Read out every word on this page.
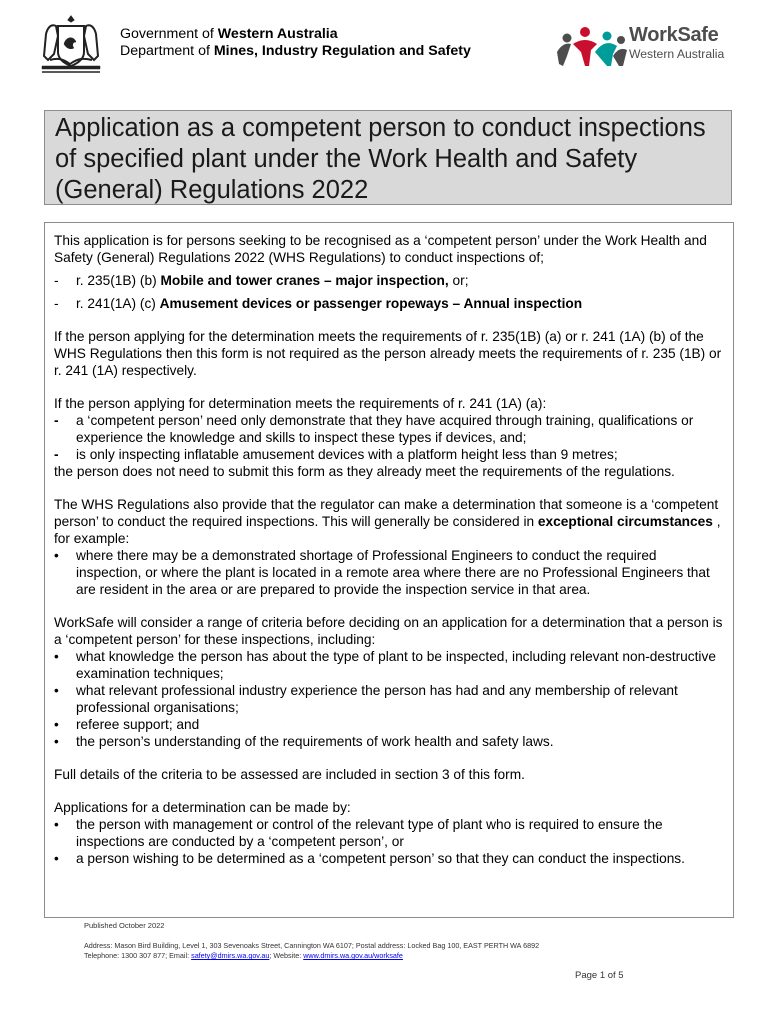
Government of Western Australia
Department of Mines, Industry Regulation and Safety
WorkSafe
Western Australia
Application as a competent person to conduct inspections of specified plant under the Work Health and Safety (General) Regulations 2022

This application is for persons seeking to be recognised as a ‘competent person’ under the Work Health and Safety (General) Regulations 2022 (WHS Regulations) to conduct inspections of;

-	r. 235(1B) (b) Mobile and tower cranes – major inspection, or;
-	r. 241(1A) (c) Amusement devices or passenger ropeways – Annual inspection

If the person applying for the determination meets the requirements of r. 235(1B) (a) or r. 241 (1A) (b) of the WHS Regulations then this form is not required as the person already meets the requirements of r. 235 (1B) or r. 241 (1A) respectively.

If the person applying for determination meets the requirements of r. 241 (1A) (a):

-	a ‘competent person’ need only demonstrate that they have acquired through training, qualifications or experience the knowledge and skills to inspect these types if devices, and;
-	is only inspecting inflatable amusement devices with a platform height less than 9 metres;

the person does not need to submit this form as they already meet the requirements of the regulations.

The WHS Regulations also provide that the regulator can make a determination that someone is a ‘competent person’ to conduct the required inspections. This will generally be considered in exceptional circumstances , for example:

•	where there may be a demonstrated shortage of Professional Engineers to conduct the required inspection, or where the plant is located in a remote area where there are no Professional Engineers that are resident in the area or are prepared to provide the inspection service in that area.

WorkSafe will consider a range of criteria before deciding on an application for a determination that a person is a ‘competent person’ for these inspections, including:

•	what knowledge the person has about the type of plant to be inspected, including relevant non-destructive examination techniques;
•	what relevant professional industry experience the person has had and any membership of relevant professional organisations;
•	referee support; and
•	the person’s understanding of the requirements of work health and safety laws.

Full details of the criteria to be assessed are included in section 3 of this form.

Applications for a determination can be made by:

•	the person with management or control of the relevant type of plant who is required to ensure the inspections are conducted by a ‘competent person’, or
•	a person wishing to be determined as a ‘competent person’ so that they can conduct the inspections.
Published October 2022
Address: Mason Bird Building, Level 1, 303 Sevenoaks Street, Cannington WA 6107; Postal address: Locked Bag 100, EAST PERTH WA 6892
Telephone: 1300 307 877; Email: safety@dmirs.wa.gov.au; Website: www.dmirs.wa.gov.au/worksafe
Page 1 of 5
